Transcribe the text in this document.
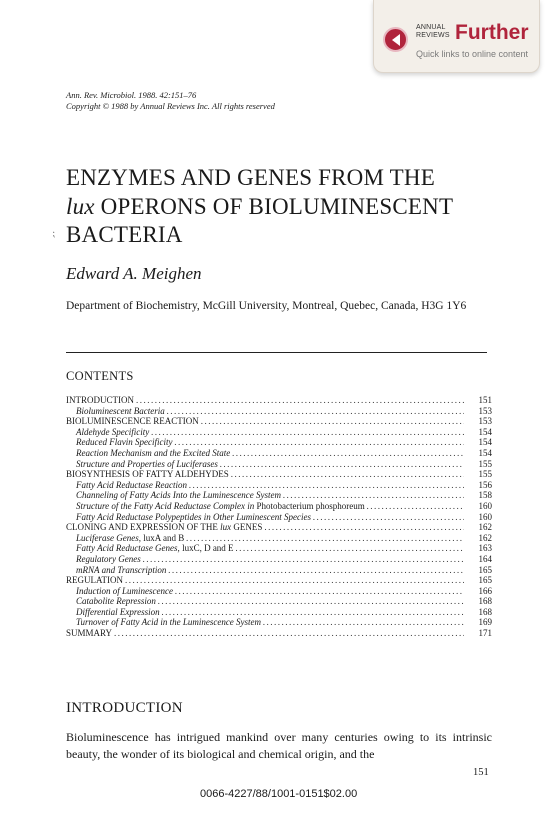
ANNUAL
REVIEWS Further
Quick links to online content
Ann. Rev. Microbiol. 1988. 42:151–76
Copyright © 1988 by Annual Reviews Inc. All rights reserved
ENZYMES AND GENES FROM THE
lux OPERONS OF BIOLUMINESCENT
BACTERIA
⁏
Edward A. Meighen
Department of Biochemistry, McGill University, Montreal, Quebec, Canada, H3G 1Y6
CONTENTS
INTRODUCTION .....	151
Bioluminescent Bacteria .....	153
BIOLUMINESCENCE REACTION .....	153
Aldehyde Specificity .....	154
Reduced Flavin Specificity .....	154
Reaction Mechanism and the Excited State .....	154
Structure and Properties of Luciferases .....	155
BIOSYNTHESIS OF FATTY ALDEHYDES .....	155
Fatty Acid Reductase Reaction .....	156
Channeling of Fatty Acids Into the Luminescence System .....	158
Structure of the Fatty Acid Reductase Complex in Photobacterium phosphoreum .....	160
Fatty Acid Reductase Polypeptides in Other Luminescent Species .....	160
CLONING AND EXPRESSION OF THE lux GENES .....	162
Luciferase Genes, luxA and B .....	162
Fatty Acid Reductase Genes, luxC, D and E .....	163
Regulatory Genes .....	164
mRNA and Transcription .....	165
REGULATION .....	165
Induction of Luminescence .....	166
Catabolite Repression .....	168
Differential Expression .....	168
Turnover of Fatty Acid in the Luminescence System .....	169
SUMMARY .....	171
INTRODUCTION
Bioluminescence has intrigued mankind over many centuries owing to its intrinsic beauty, the wonder of its biological and chemical origin, and the
151
0066-4227/88/1001-0151$02.00
